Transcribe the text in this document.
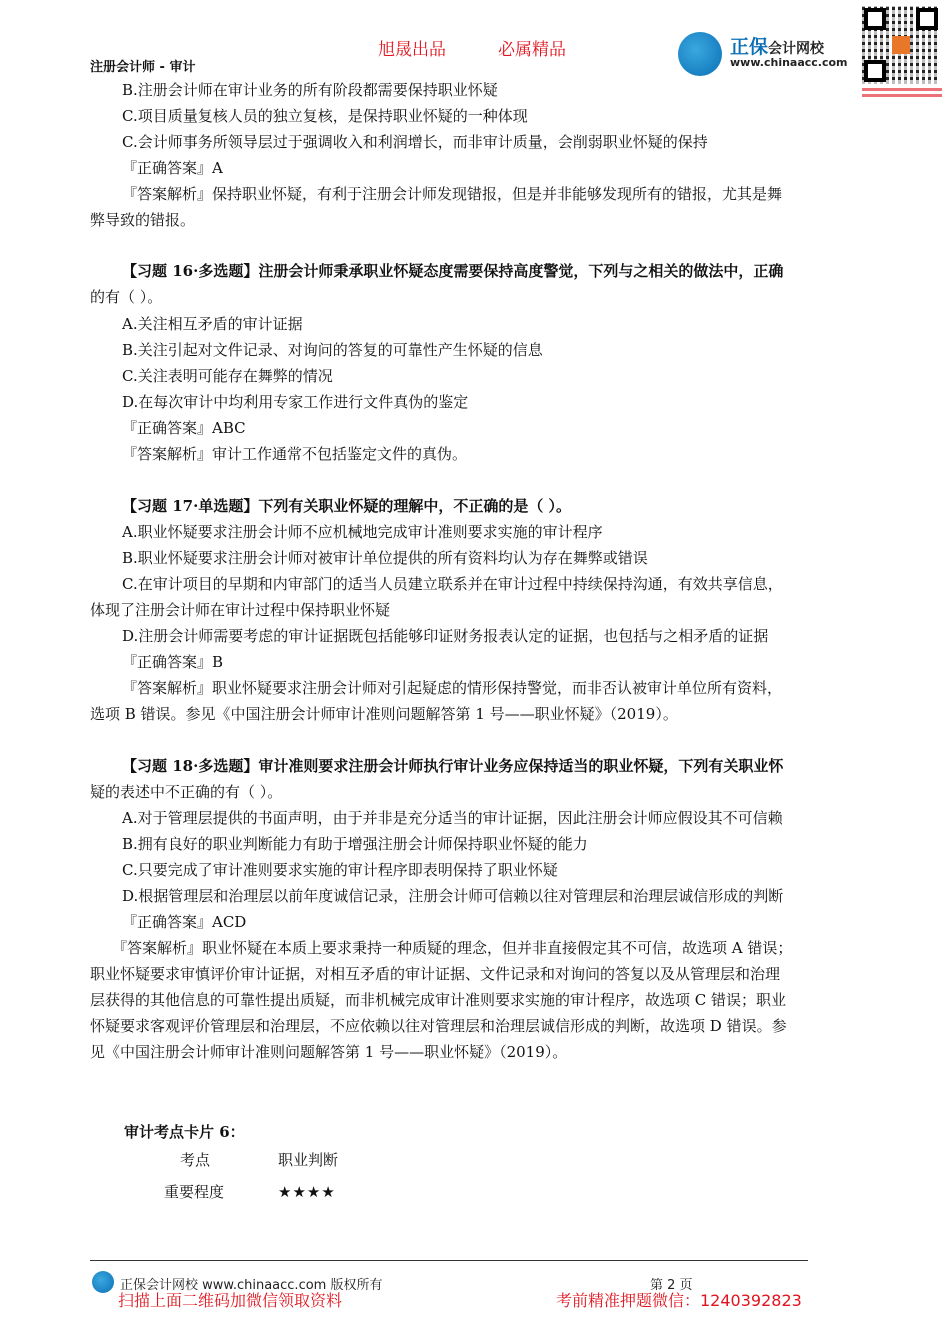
旭晟出品	必属精品
注册会计师 - 审计
正保会计网校
www.chinaacc.com
B.注册会计师在审计业务的所有阶段都需要保持职业怀疑
C.项目质量复核人员的独立复核，是保持职业怀疑的一种体现
C.会计师事务所领导层过于强调收入和利润增长，而非审计质量，会削弱职业怀疑的保持
『正确答案』A
『答案解析』保持职业怀疑，有利于注册会计师发现错报，但是并非能够发现所有的错报，尤其是舞
弊导致的错报。
【习题 16·多选题】注册会计师秉承职业怀疑态度需要保持高度警觉，下列与之相关的做法中，正确
的有（ ）。
A.关注相互矛盾的审计证据
B.关注引起对文件记录、对询问的答复的可靠性产生怀疑的信息
C.关注表明可能存在舞弊的情况
D.在每次审计中均利用专家工作进行文件真伪的鉴定
『正确答案』ABC
『答案解析』审计工作通常不包括鉴定文件的真伪。
【习题 17·单选题】下列有关职业怀疑的理解中，不正确的是（ ）。
A.职业怀疑要求注册会计师不应机械地完成审计准则要求实施的审计程序
B.职业怀疑要求注册会计师对被审计单位提供的所有资料均认为存在舞弊或错误
C.在审计项目的早期和内审部门的适当人员建立联系并在审计过程中持续保持沟通，有效共享信息，
体现了注册会计师在审计过程中保持职业怀疑
D.注册会计师需要考虑的审计证据既包括能够印证财务报表认定的证据，也包括与之相矛盾的证据
『正确答案』B
『答案解析』职业怀疑要求注册会计师对引起疑虑的情形保持警觉，而非否认被审计单位所有资料，
选项 B 错误。参见《中国注册会计师审计准则问题解答第 1 号——职业怀疑》（2019）。
【习题 18·多选题】审计准则要求注册会计师执行审计业务应保持适当的职业怀疑，下列有关职业怀
疑的表述中不正确的有（ ）。
A.对于管理层提供的书面声明，由于并非是充分适当的审计证据，因此注册会计师应假设其不可信赖
B.拥有良好的职业判断能力有助于增强注册会计师保持职业怀疑的能力
C.只要完成了审计准则要求实施的审计程序即表明保持了职业怀疑
D.根据管理层和治理层以前年度诚信记录，注册会计师可信赖以往对管理层和治理层诚信形成的判断
『正确答案』ACD
『答案解析』职业怀疑在本质上要求秉持一种质疑的理念，但并非直接假定其不可信，故选项 A 错误；
职业怀疑要求审慎评价审计证据，对相互矛盾的审计证据、文件记录和对询问的答复以及从管理层和治理
层获得的其他信息的可靠性提出质疑，而非机械完成审计准则要求实施的审计程序，故选项 C 错误；职业
怀疑要求客观评价管理层和治理层，不应依赖以往对管理层和治理层诚信形成的判断，故选项 D 错误。参
见《中国注册会计师审计准则问题解答第 1 号——职业怀疑》（2019）。
审计考点卡片 6：
考点	职业判断
重要程度	★★★★
正保会计网校 www.chinaacc.com 版权所有	第 2 页
扫描上面二维码加微信领取资料	考前精准押题微信：1240392823
